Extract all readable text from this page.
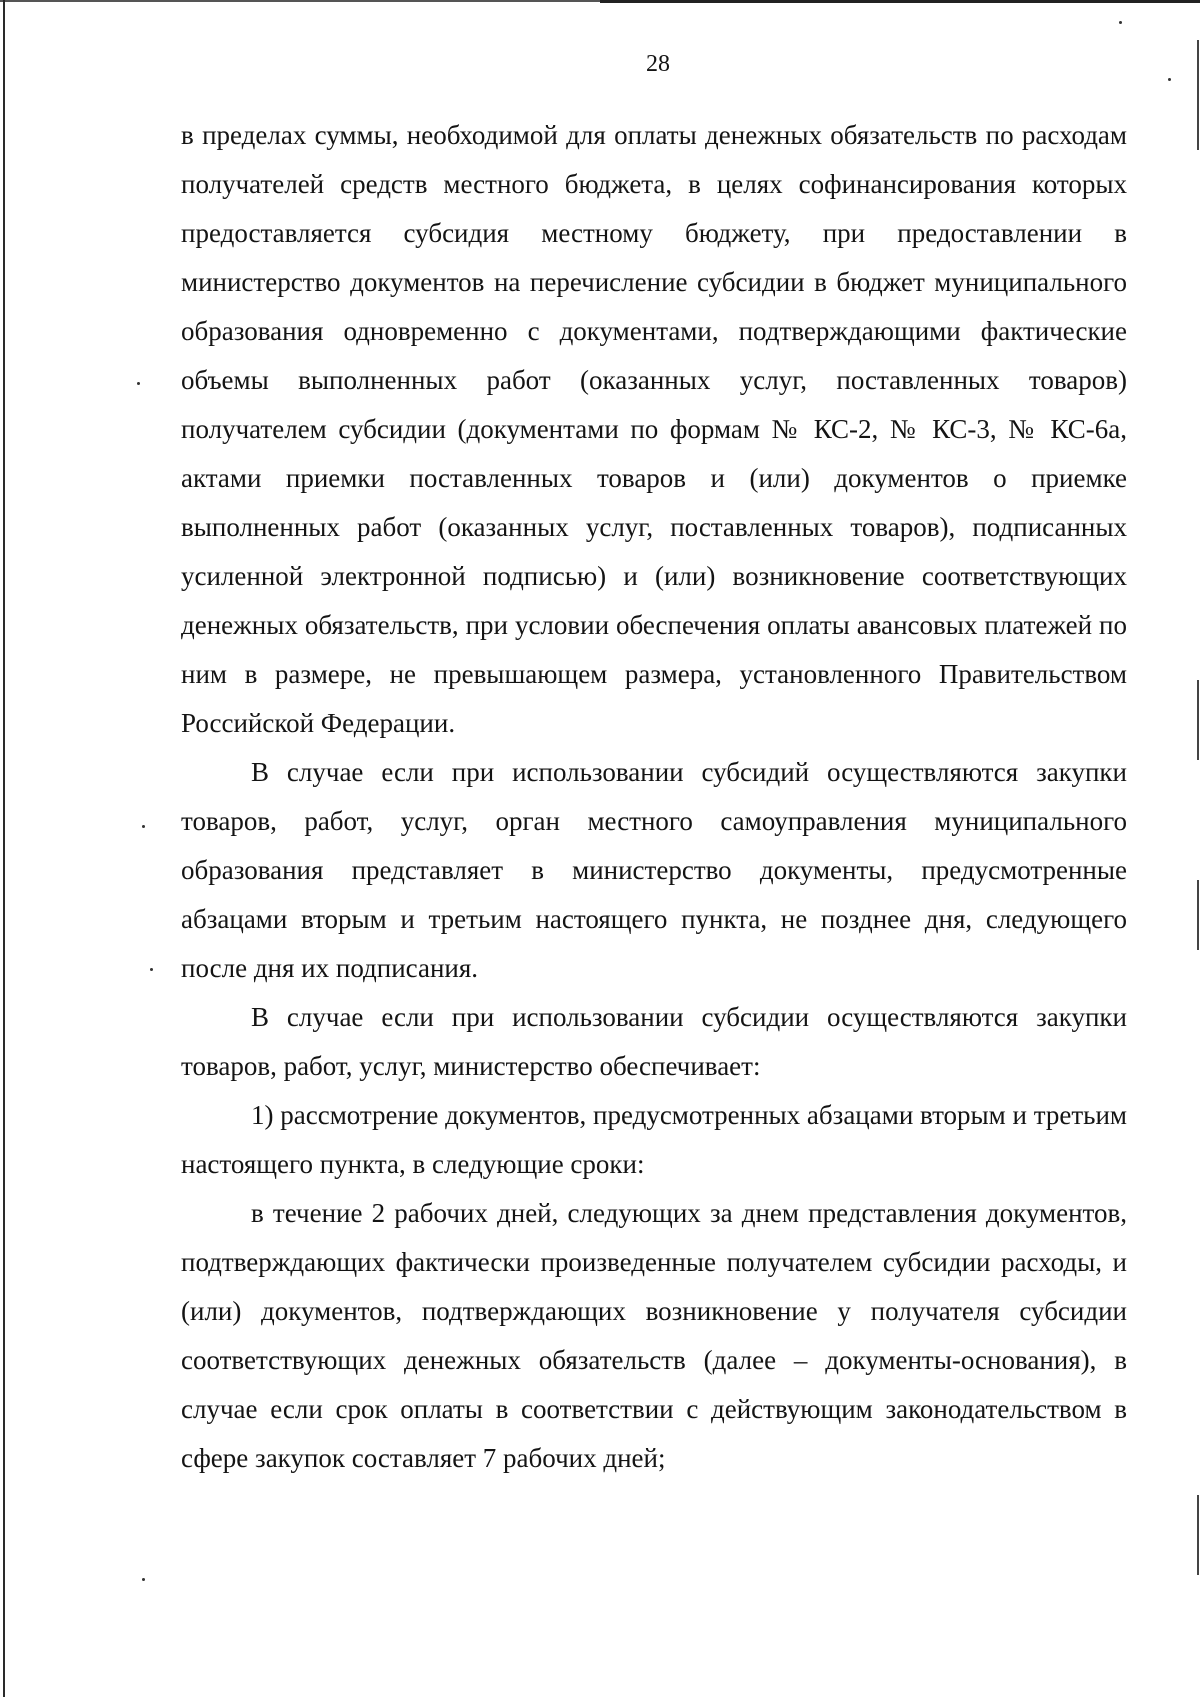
28

в пределах суммы, необходимой для оплаты денежных обязательств по расходам получателей средств местного бюджета, в целях софинансирования которых предоставляется субсидия местному бюджету, при предоставлении в министерство документов на перечисление субсидии в бюджет муниципального образования одновременно с документами, подтверждающими фактические объемы выполненных работ (оказанных услуг, поставленных товаров) получателем субсидии (документами по формам № КС-2, № КС-3, № КС-6а, актами приемки поставленных товаров и (или) документов о приемке выполненных работ (оказанных услуг, поставленных товаров), подписанных усиленной электронной подписью) и (или) возникновение соответствующих денежных обязательств, при условии обеспечения оплаты авансовых платежей по ним в размере, не превышающем размера, установленного Правительством Российской Федерации.

В случае если при использовании субсидий осуществляются закупки товаров, работ, услуг, орган местного самоуправления муниципального образования представляет в министерство документы, предусмотренные абзацами вторым и третьим настоящего пункта, не позднее дня, следующего после дня их подписания.

В случае если при использовании субсидии осуществляются закупки товаров, работ, услуг, министерство обеспечивает:

1) рассмотрение документов, предусмотренных абзацами вторым и третьим настоящего пункта, в следующие сроки:

в течение 2 рабочих дней, следующих за днем представления документов, подтверждающих фактически произведенные получателем субсидии расходы, и (или) документов, подтверждающих возникновение у получателя субсидии соответствующих денежных обязательств (далее – документы-основания), в случае если срок оплаты в соответствии с действующим законодательством в сфере закупок составляет 7 рабочих дней;
